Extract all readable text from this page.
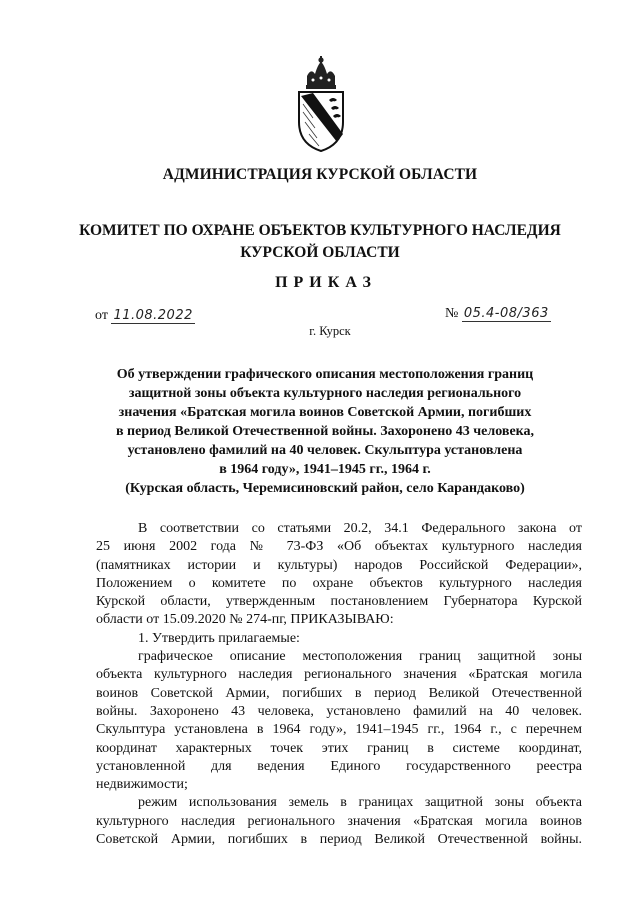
АДМИНИСТРАЦИЯ КУРСКОЙ ОБЛАСТИ
КОМИТЕТ ПО ОХРАНЕ ОБЪЕКТОВ КУЛЬТУРНОГО НАСЛЕДИЯ
КУРСКОЙ ОБЛАСТИ
ПРИКАЗ
от 11.08.2022	№ 05.4-08/363
г. Курск
Об утверждении графического описания местоположения границ
защитной зоны объекта культурного наследия регионального
значения «Братская могила воинов Советской Армии, погибших
в период Великой Отечественной войны. Захоронено 43 человека,
установлено фамилий на 40 человек. Скульптура установлена
в 1964 году», 1941–1945 гг., 1964 г.
(Курская область, Черемисиновский район, село Карандаково)
В соответствии со статьями 20.2, 34.1 Федерального закона от
25 июня 2002 года № 73-ФЗ «Об объектах культурного наследия
(памятниках истории и культуры) народов Российской Федерации»,
Положением о комитете по охране объектов культурного наследия
Курской области, утвержденным постановлением Губернатора Курской
области от 15.09.2020 № 274-пг, ПРИКАЗЫВАЮ:
1. Утвердить прилагаемые:
графическое описание местоположения границ защитной зоны
объекта культурного наследия регионального значения «Братская могила
воинов Советской Армии, погибших в период Великой Отечественной
войны. Захоронено 43 человека, установлено фамилий на 40 человек.
Скульптура установлена в 1964 году», 1941–1945 гг., 1964 г., с перечнем
координат характерных точек этих границ в системе координат,
установленной для ведения Единого государственного реестра
недвижимости;
режим использования земель в границах защитной зоны объекта
культурного наследия регионального значения «Братская могила воинов
Советской Армии, погибших в период Великой Отечественной войны.
